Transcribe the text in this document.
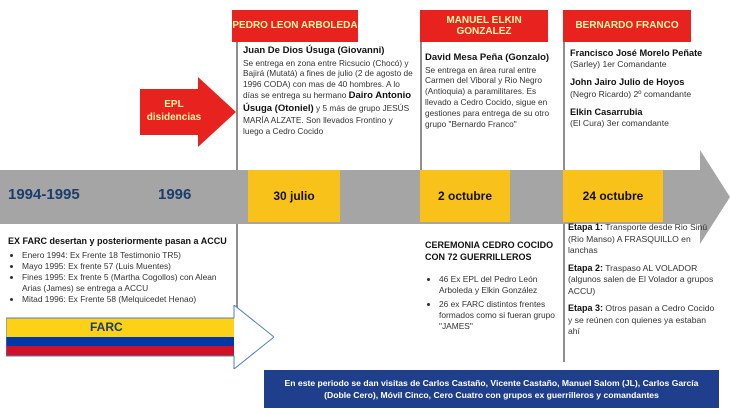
PEDRO LEON ARBOLEDA
MANUEL ELKIN
GONZALEZ
BERNARDO FRANCO
EPL
disidencias
Juan De Dios Úsuga (Giovanni)
Se entrega en zona entre Ricsucio (Chocó) y Bajirá (Mutatá) a fines de julio (2 de agosto de 1996 CODA) con mas de 40 hombres. A lo días se entrega su hermano Dairo Antonio Úsuga (Otoniel) y 5 más de grupo JESÚS MARÍA ALZATE. Son llevados Frontino y luego a Cedro Cocido
David Mesa Peña (Gonzalo)
Se entrega en área rural entre Carmen del Viboral y Rio Negro (Antioquia) a paramilitares. Es llevado a Cedro Cocido, sigue en gestiones para entrega de su otro grupo "Bernardo Franco"
Francisco José Morelo Peñate
(Sarley) 1er Comandante
John Jairo Julio de Hoyos
(Negro Ricardo) 2º comandante
Elkin Casarrubia
(El Cura) 3er comandante
1994-1995	1996	30 julio	2 octubre	24 octubre
EX FARC desertan y posteriormente pasan a ACCU
• Enero 1994: Ex Frente 18 Testimonio TR5)
• Mayo 1995: Ex frente 57 (Luis Muentes)
• Fines 1995: Ex frente 5 (Martha Cogollos) con Alean Arias (James) se entrega a ACCU
• Mitad 1996: Ex Frente 58 (Melquicedet Henao)
FARC
CEREMONIA CEDRO COCIDO CON 72 GUERRILLEROS
• 46 Ex EPL del Pedro León Arboleda y Elkin González
• 26 ex FARC distintos frentes formados como si fueran grupo "JAMES"
Etapa 1: Transporte desde Rio Sinú (Rio Manso) A FRASQUILLO en lanchas
Etapa 2: Traspaso AL VOLADOR (algunos salen de El Volador a grupos ACCU)
Etapa 3: Otros pasan a Cedro Cocido y se reúnen con quienes ya estaban ahí
En este periodo se dan visitas de Carlos Castaño, Vicente Castaño, Manuel Salom (JL), Carlos García
(Doble Cero), Móvil Cinco, Cero Cuatro con grupos ex guerrilleros y comandantes
